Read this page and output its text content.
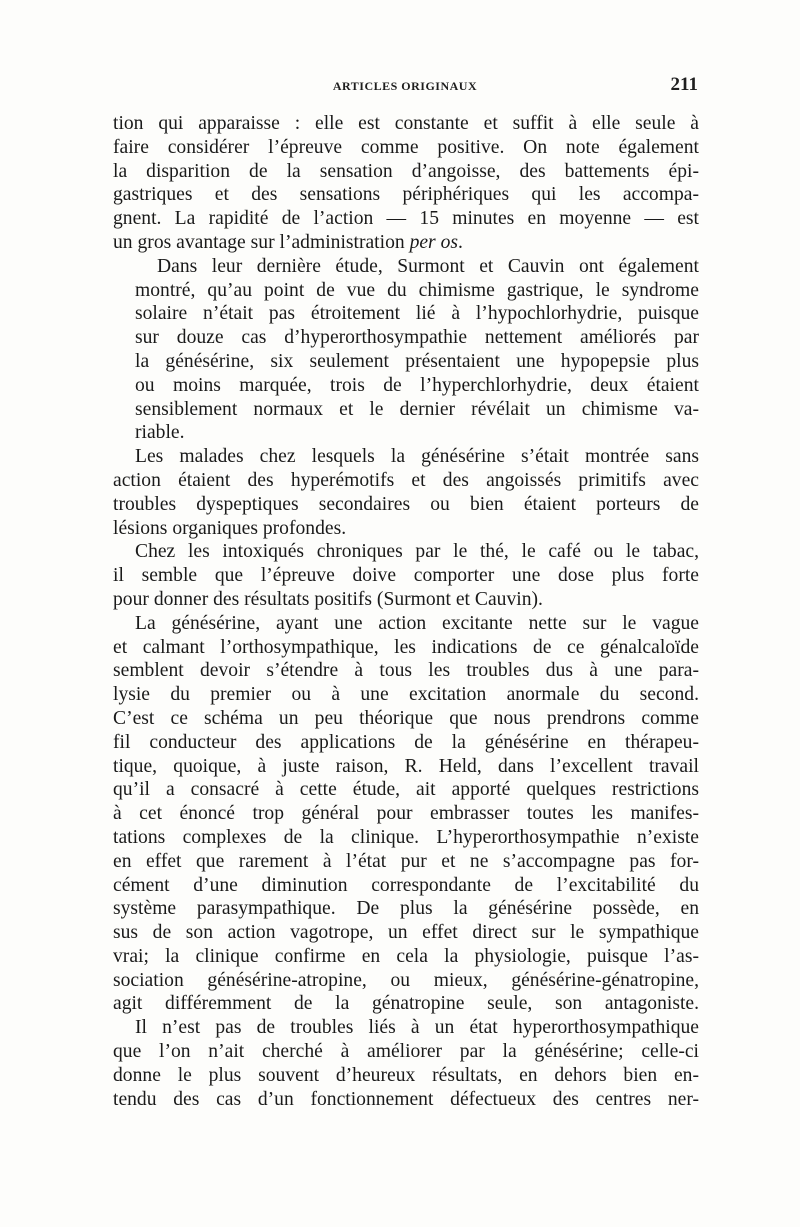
ARTICLES ORIGINAUX	211

tion qui apparaisse : elle est constante et suffit à elle seule à
faire considérer l’épreuve comme positive. On note également
la disparition de la sensation d’angoisse, des battements épi-
gastriques et des sensations périphériques qui les accompa-
gnent. La rapidité de l’action — 15 minutes en moyenne — est
un gros avantage sur l’administration per os.

Dans leur dernière étude, Surmont et Cauvin ont également
montré, qu’au point de vue du chimisme gastrique, le syndrome
solaire n’était pas étroitement lié à l’hypochlorhydrie, puisque
sur douze cas d’hyperorthosympathie nettement améliorés par
la génésérine, six seulement présentaient une hypopepsie plus
ou moins marquée, trois de l’hyperchlorhydrie, deux étaient
sensiblement normaux et le dernier révélait un chimisme va-
riable.

Les malades chez lesquels la génésérine s’était montrée sans
action étaient des hyperémotifs et des angoissés primitifs avec
troubles dyspeptiques secondaires ou bien étaient porteurs de
lésions organiques profondes.

Chez les intoxiqués chroniques par le thé, le café ou le tabac,
il semble que l’épreuve doive comporter une dose plus forte
pour donner des résultats positifs (Surmont et Cauvin).

La génésérine, ayant une action excitante nette sur le vague
et calmant l’orthosympathique, les indications de ce génalcaloïde
semblent devoir s’étendre à tous les troubles dus à une para-
lysie du premier ou à une excitation anormale du second.
C’est ce schéma un peu théorique que nous prendrons comme
fil conducteur des applications de la génésérine en thérapeu-
tique, quoique, à juste raison, R. Held, dans l’excellent travail
qu’il a consacré à cette étude, ait apporté quelques restrictions
à cet énoncé trop général pour embrasser toutes les manifes-
tations complexes de la clinique. L’hyperorthosympathie n’existe
en effet que rarement à l’état pur et ne s’accompagne pas for-
cément d’une diminution correspondante de l’excitabilité du
système parasympathique. De plus la génésérine possède, en
sus de son action vagotrope, un effet direct sur le sympathique
vrai; la clinique confirme en cela la physiologie, puisque l’as-
sociation génésérine-atropine, ou mieux, génésérine-génatropine,
agit différemment de la génatropine seule, son antagoniste.

Il n’est pas de troubles liés à un état hyperorthosympathique
que l’on n’ait cherché à améliorer par la génésérine; celle-ci
donne le plus souvent d’heureux résultats, en dehors bien en-
tendu des cas d’un fonctionnement défectueux des centres ner-
